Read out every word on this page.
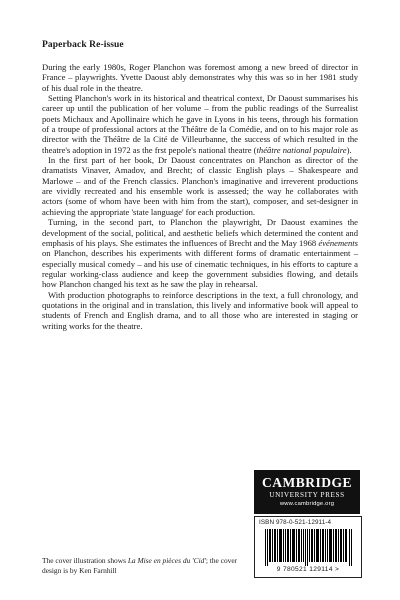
Paperback Re-issue

During the early 1980s, Roger Planchon was foremost among a new breed of director in France – playwrights. Yvette Daoust ably demonstrates why this was so in her 1981 study of his dual role in the theatre.

Setting Planchon's work in its historical and theatrical context, Dr Daoust summarises his career up until the publication of her volume – from the public readings of the Surrealist poets Michaux and Apollinaire which he gave in Lyons in his teens, through his formation of a troupe of professional actors at the Théâtre de la Comédie, and on to his major role as director with the Théâtre de la Cité de Villeurbanne, the success of which resulted in the theatre's adoption in 1972 as the frst pepole's national theatre (théâtre national populaire).

In the first part of her book, Dr Daoust concentrates on Planchon as director of the dramatists Vinaver, Amadov, and Brecht; of classic English plays – Shakespeare and Marlowe – and of the French classics. Planchon's imaginative and irreverent productions are vividly recreated and his ensemble work is assessed; the way he collaborates with actors (some of whom have been with him from the start), composer, and set-designer in achieving the appropriate 'state language' for each production.

Turning, in the second part, to Planchon the playwright, Dr Daoust examines the development of the social, political, and aesthetic beliefs which determined the content and emphasis of his plays. She estimates the influences of Brecht and the May 1968 événements on Planchon, describes his experiments with different forms of dramatic entertainment – especially musical comedy – and his use of cinematic techniques, in his efforts to capture a regular working-class audience and keep the government subsidies flowing, and details how Planchon changed his text as he saw the play in rehearsal.

With production photographs to reinforce descriptions in the text, a full chronology, and quotations in the original and in translation, this lively and informative book will appeal to students of French and English drama, and to all those who are interested in staging or writing works for the theatre.

CAMBRIDGE
UNIVERSITY PRESS
www.cambridge.org
ISBN 978-0-521-12911-4
9 780521 129114 >
The cover illustration shows La Mise en pièces du 'Cid'; the cover design is by Ken Farnhill
